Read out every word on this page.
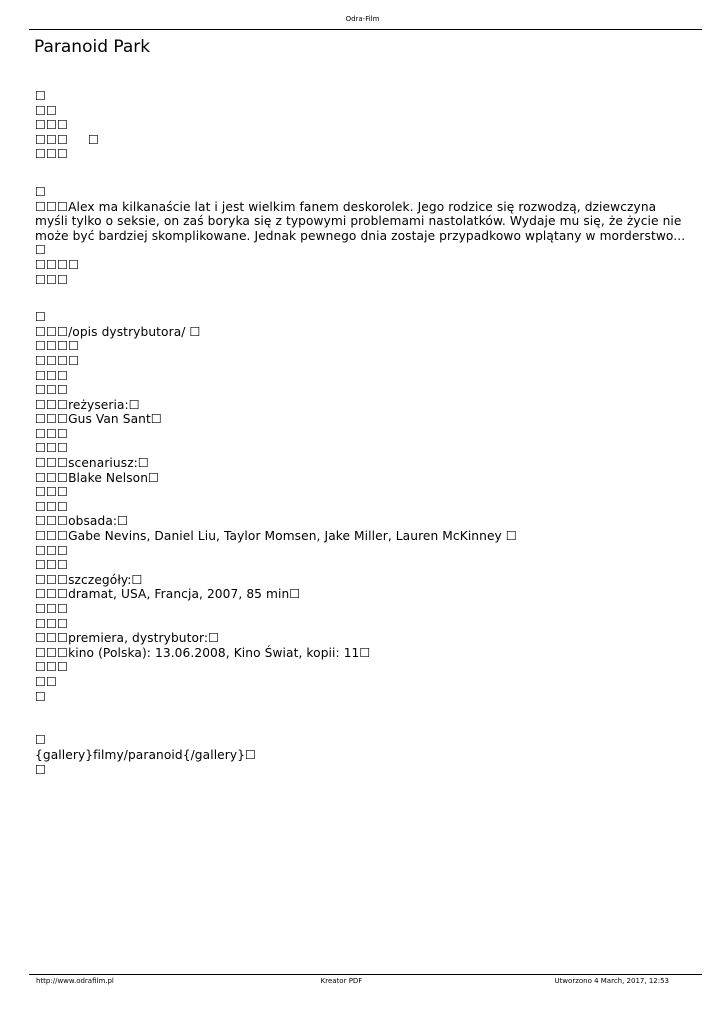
Odra-Film
Paranoid Park
☐
☐☐
☐☐☐
☐☐☐     ☐
☐☐☐
☐
☐☐☐Alex ma kilkanaście lat i jest wielkim fanem deskorolek. Jego rodzice się rozwodzą, dziewczyna myśli tylko o seksie, on zaś boryka się z typowymi problemami nastolatków. Wydaje mu się, że życie nie może być bardziej skomplikowane. Jednak pewnego dnia zostaje przypadkowo wplątany w morderstwo... ☐
☐☐☐☐
☐☐☐
☐
☐☐☐/opis dystrybutora/ ☐
☐☐☐☐
☐☐☐☐
☐☐☐
☐☐☐
☐☐☐reżyseria:☐
☐☐☐Gus Van Sant☐
☐☐☐
☐☐☐
☐☐☐scenariusz:☐
☐☐☐Blake Nelson☐
☐☐☐
☐☐☐
☐☐☐obsada:☐
☐☐☐Gabe Nevins, Daniel Liu, Taylor Momsen, Jake Miller, Lauren McKinney ☐
☐☐☐
☐☐☐
☐☐☐szczegóły:☐
☐☐☐dramat, USA, Francja, 2007, 85 min☐
☐☐☐
☐☐☐
☐☐☐premiera, dystrybutor:☐
☐☐☐kino (Polska): 13.06.2008, Kino Świat, kopii: 11☐
☐☐☐
☐☐
☐
☐
{gallery}filmy/paranoid{/gallery}☐
☐
http://www.odrafilm.pl	Kreator PDF	Utworzono 4 March, 2017, 12:53
